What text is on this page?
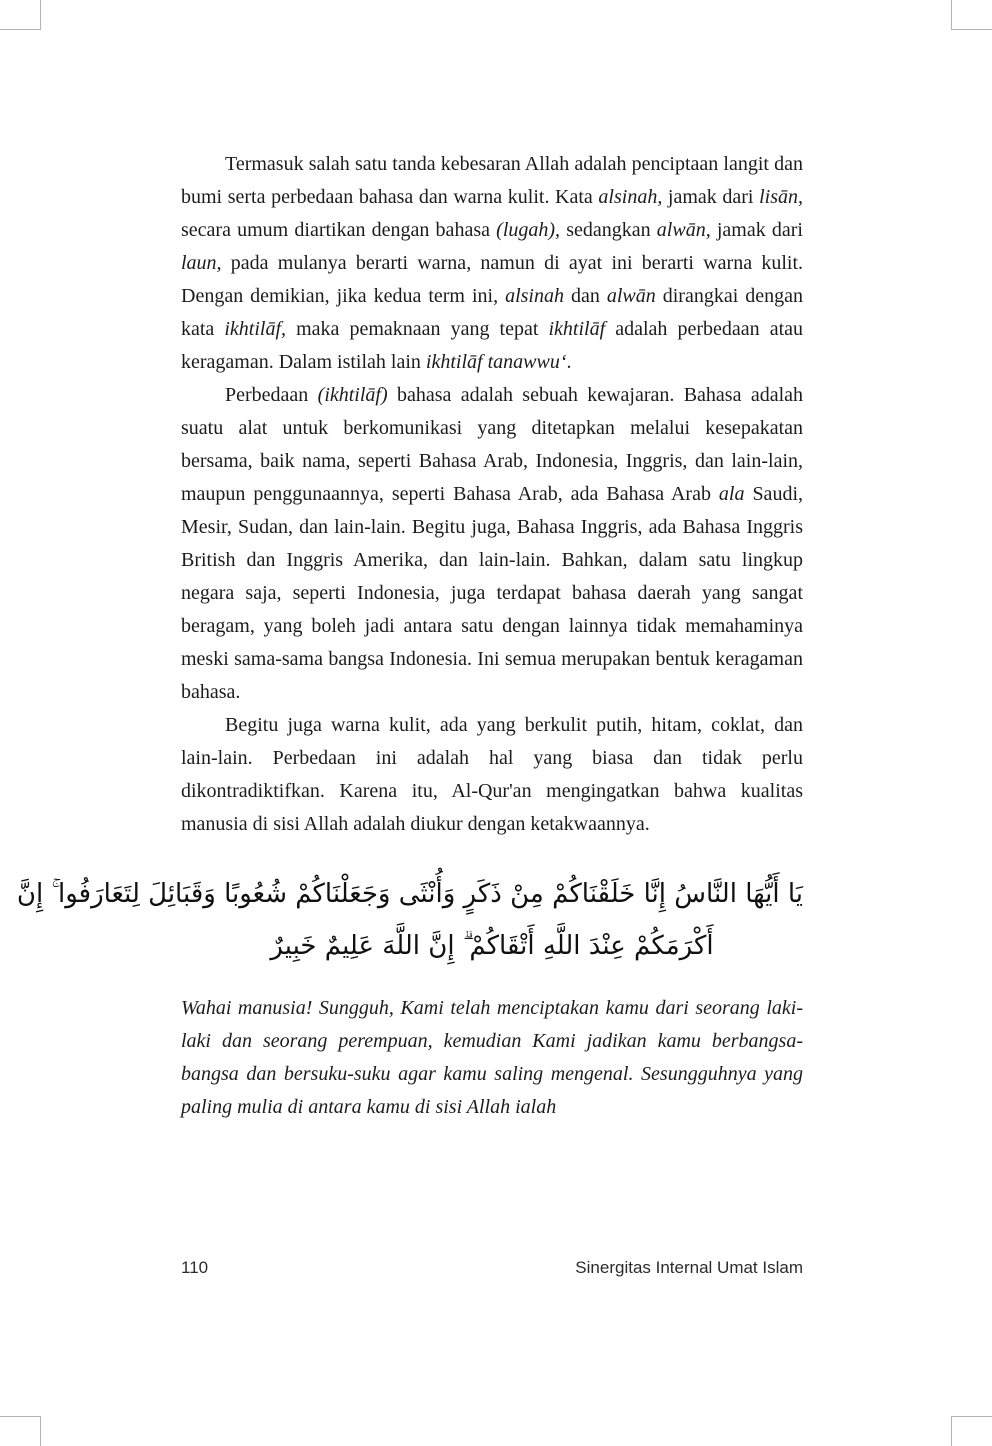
Termasuk salah satu tanda kebesaran Allah adalah penciptaan langit dan bumi serta perbedaan bahasa dan warna kulit. Kata alsinah, jamak dari lisān, secara umum diartikan dengan bahasa (lugah), sedangkan alwān, jamak dari laun, pada mulanya berarti warna, namun di ayat ini berarti warna kulit. Dengan demikian, jika kedua term ini, alsinah dan alwān dirangkai dengan kata ikhtilāf, maka pemaknaan yang tepat ikhtilāf adalah perbedaan atau keragaman. Dalam istilah lain ikhtilāf tanawwuʻ.

Perbedaan (ikhtilāf) bahasa adalah sebuah kewajaran. Bahasa adalah suatu alat untuk berkomunikasi yang ditetapkan melalui kesepakatan bersama, baik nama, seperti Bahasa Arab, Indonesia, Inggris, dan lain-lain, maupun penggunaannya, seperti Bahasa Arab, ada Bahasa Arab ala Saudi, Mesir, Sudan, dan lain-lain. Begitu juga, Bahasa Inggris, ada Bahasa Inggris British dan Inggris Amerika, dan lain-lain. Bahkan, dalam satu lingkup negara saja, seperti Indonesia, juga terdapat bahasa daerah yang sangat beragam, yang boleh jadi antara satu dengan lainnya tidak memahaminya meski sama-sama bangsa Indonesia. Ini semua merupakan bentuk keragaman bahasa.

Begitu juga warna kulit, ada yang berkulit putih, hitam, coklat, dan lain-lain. Perbedaan ini adalah hal yang biasa dan tidak perlu dikontradiktifkan. Karena itu, Al-Qur'an mengingatkan bahwa kualitas manusia di sisi Allah adalah diukur dengan ketakwaannya.

يَا أَيُّهَا النَّاسُ إِنَّا خَلَقْنَاكُمْ مِنْ ذَكَرٍ وَأُنْثَى وَجَعَلْنَاكُمْ شُعُوبًا وَقَبَائِلَ لِتَعَارَفُوا ۚ إِنَّ
أَكْرَمَكُمْ عِنْدَ اللَّهِ أَتْقَاكُمْ ۗ إِنَّ اللَّهَ عَلِيمٌ خَبِيرٌ

Wahai manusia! Sungguh, Kami telah menciptakan kamu dari seorang laki-laki dan seorang perempuan, kemudian Kami jadikan kamu berbangsa-bangsa dan bersuku-suku agar kamu saling mengenal. Sesungguhnya yang paling mulia di antara kamu di sisi Allah ialah

110	Sinergitas Internal Umat Islam
